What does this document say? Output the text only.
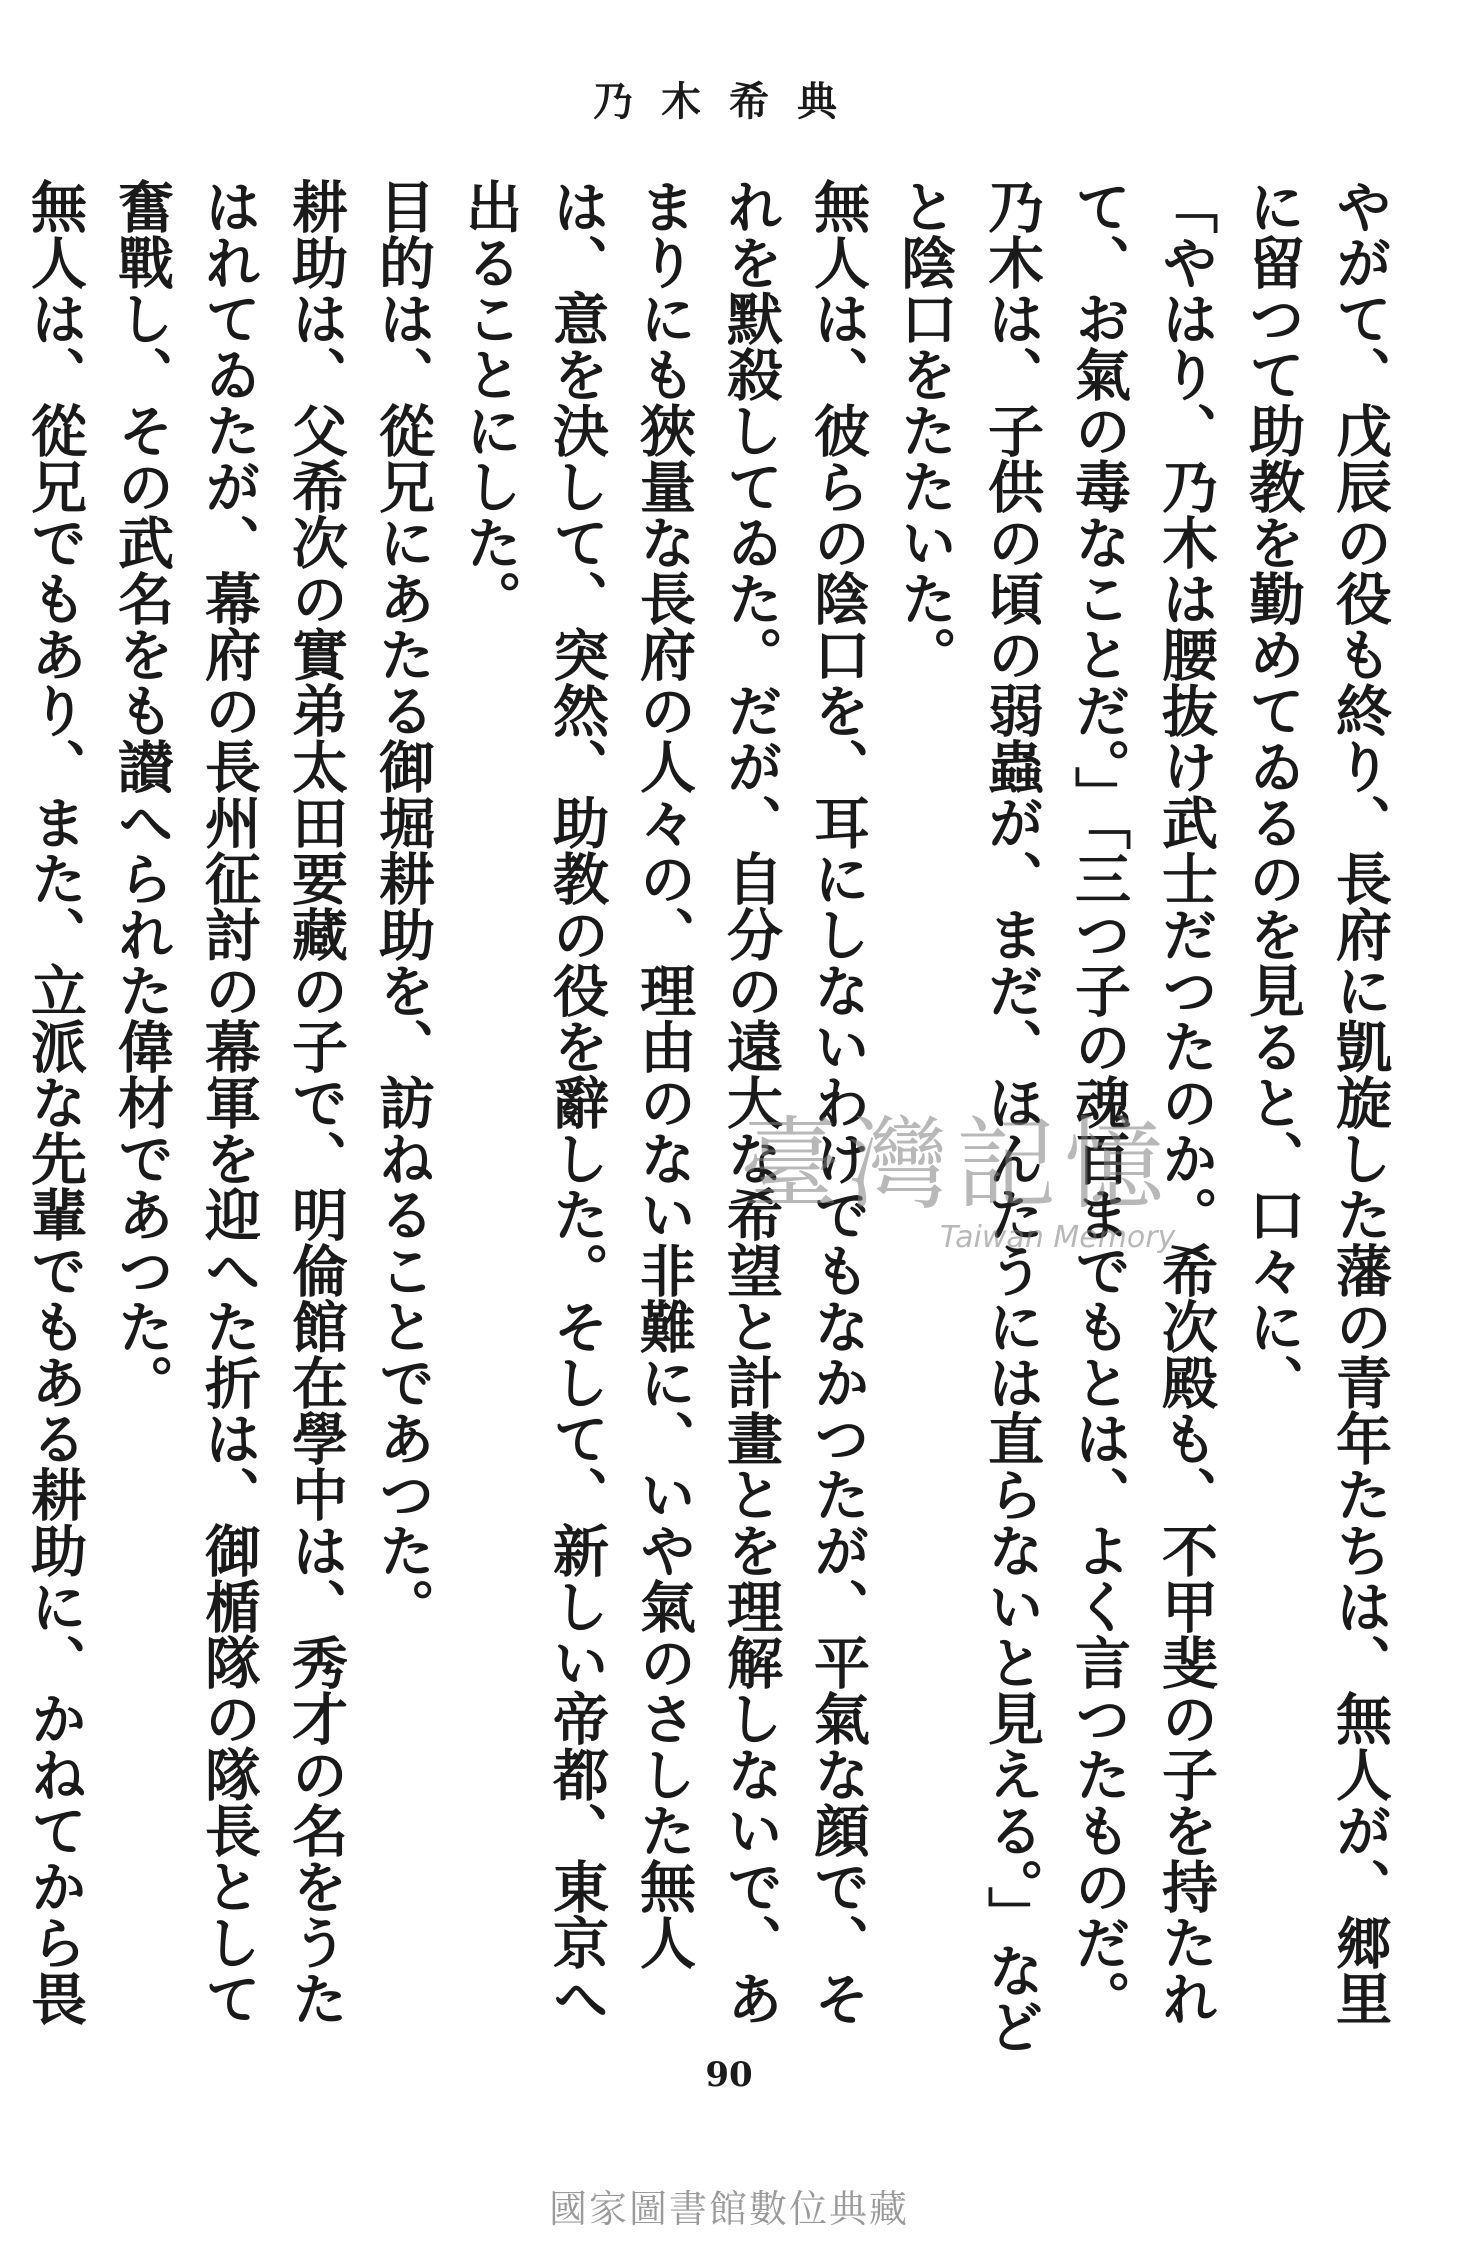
乃木希典

やがて、戊辰の役も終り、長府に凱旋した藩の青年たちは、無人が、郷里に留つて助教を勤めてゐるのを見ると、口々に、

「やはり、乃木は腰抜け武士だつたのか。希次殿も、不甲斐の子を持たれて、お氣の毒なことだ。」「三つ子の魂百までもとは、よく言つたものだ。乃木は、子供の頃の弱蟲が、まだ、ほんたうには直らないと見える。」などと陰口をたたいた。

無人は、彼らの陰口を、耳にしないわけでもなかつたが、平氣な顔で、それを默殺してゐた。だが、自分の遠大な希望と計畫とを理解しないで、あまりにも狹量な長府の人々の、理由のない非難に、いや氣のさした無人は、意を決して、突然、助教の役を辭した。そして、新しい帝都、東京へ出ることにした。

目的は、從兄にあたる御堀耕助を、訪ねることであつた。

耕助は、父希次の實弟太田要藏の子で、明倫館在學中は、秀才の名をうたはれてゐたが、幕府の長州征討の幕軍を迎へた折は、御楯隊の隊長として奮戰し、その武名をも讃へられた偉材であつた。

無人は、從兄でもあり、また、立派な先輩でもある耕助に、かねてから畏

臺灣記憶
Taiwan Memory
90
國家圖書館數位典藏
